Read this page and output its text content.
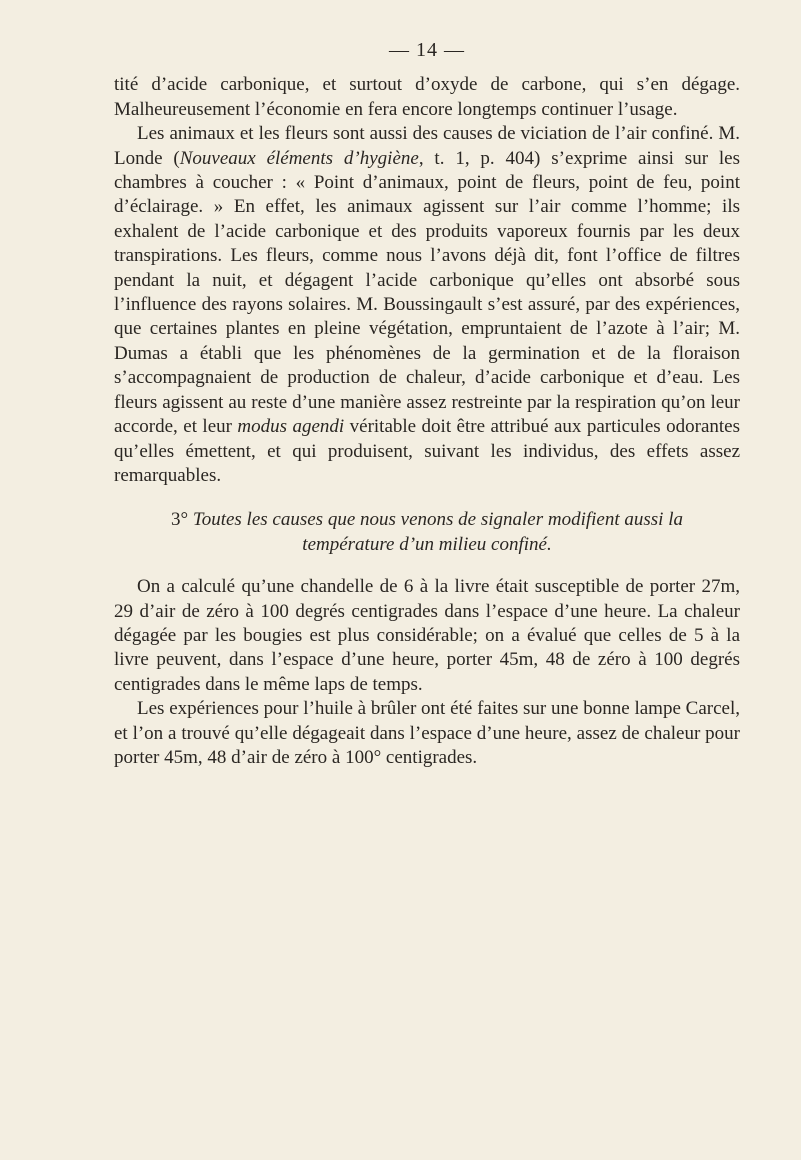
— 14 —

tité d’acide carbonique, et surtout d’oxyde de carbone, qui s’en dégage. Malheureusement l’économie en fera encore longtemps continuer l’usage.

Les animaux et les fleurs sont aussi des causes de viciation de l’air confiné. M. Londe (Nouveaux éléments d’hygiène, t. 1, p. 404) s’exprime ainsi sur les chambres à coucher : « Point d’animaux, point de fleurs, point de feu, point d’éclairage. » En effet, les animaux agissent sur l’air comme l’homme; ils exhalent de l’acide carbonique et des produits vaporeux fournis par les deux transpirations. Les fleurs, comme nous l’avons déjà dit, font l’office de filtres pendant la nuit, et dégagent l’acide carbonique qu’elles ont absorbé sous l’influence des rayons solaires. M. Boussingault s’est assuré, par des expériences, que certaines plantes en pleine végétation, empruntaient de l’azote à l’air; M. Dumas a établi que les phénomènes de la germination et de la floraison s’accompagnaient de production de chaleur, d’acide carbonique et d’eau. Les fleurs agissent au reste d’une manière assez restreinte par la respiration qu’on leur accorde, et leur modus agendi véritable doit être attribué aux particules odorantes qu’elles émettent, et qui produisent, suivant les individus, des effets assez remarquables.

3° Toutes les causes que nous venons de signaler modifient aussi la température d’un milieu confiné.

On a calculé qu’une chandelle de 6 à la livre était susceptible de porter 27m, 29 d’air de zéro à 100 degrés centigrades dans l’espace d’une heure. La chaleur dégagée par les bougies est plus considérable; on a évalué que celles de 5 à la livre peuvent, dans l’espace d’une heure, porter 45m, 48 de zéro à 100 degrés centigrades dans le même laps de temps.

Les expériences pour l’huile à brûler ont été faites sur une bonne lampe Carcel, et l’on a trouvé qu’elle dégageait dans l’espace d’une heure, assez de chaleur pour porter 45m, 48 d’air de zéro à 100° centigrades.
